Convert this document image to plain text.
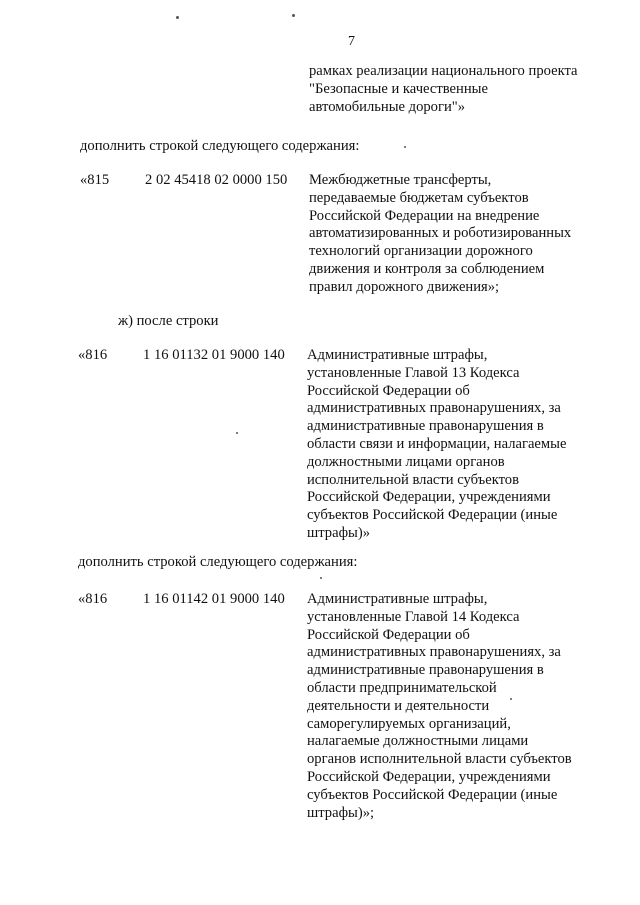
7
рамках реализации национального проекта
"Безопасные и качественные
автомобильные дороги"»
дополнить строкой следующего содержания:
«815 2 02 45418 02 0000 150 Межбюджетные трансферты,
передаваемые бюджетам субъектов
Российской Федерации на внедрение
автоматизированных и роботизированных
технологий организации дорожного
движения и контроля за соблюдением
правил дорожного движения»;
ж) после строки
«816 1 16 01132 01 9000 140 Административные штрафы,
установленные Главой 13 Кодекса
Российской Федерации об
административных правонарушениях, за
административные правонарушения в
области связи и информации, налагаемые
должностными лицами органов
исполнительной власти субъектов
Российской Федерации, учреждениями
субъектов Российской Федерации (иные
штрафы)»
дополнить строкой следующего содержания:
«816 1 16 01142 01 9000 140 Административные штрафы,
установленные Главой 14 Кодекса
Российской Федерации об
административных правонарушениях, за
административные правонарушения в
области предпринимательской
деятельности и деятельности
саморегулируемых организаций,
налагаемые должностными лицами
органов исполнительной власти субъектов
Российской Федерации, учреждениями
субъектов Российской Федерации (иные
штрафы)»;
